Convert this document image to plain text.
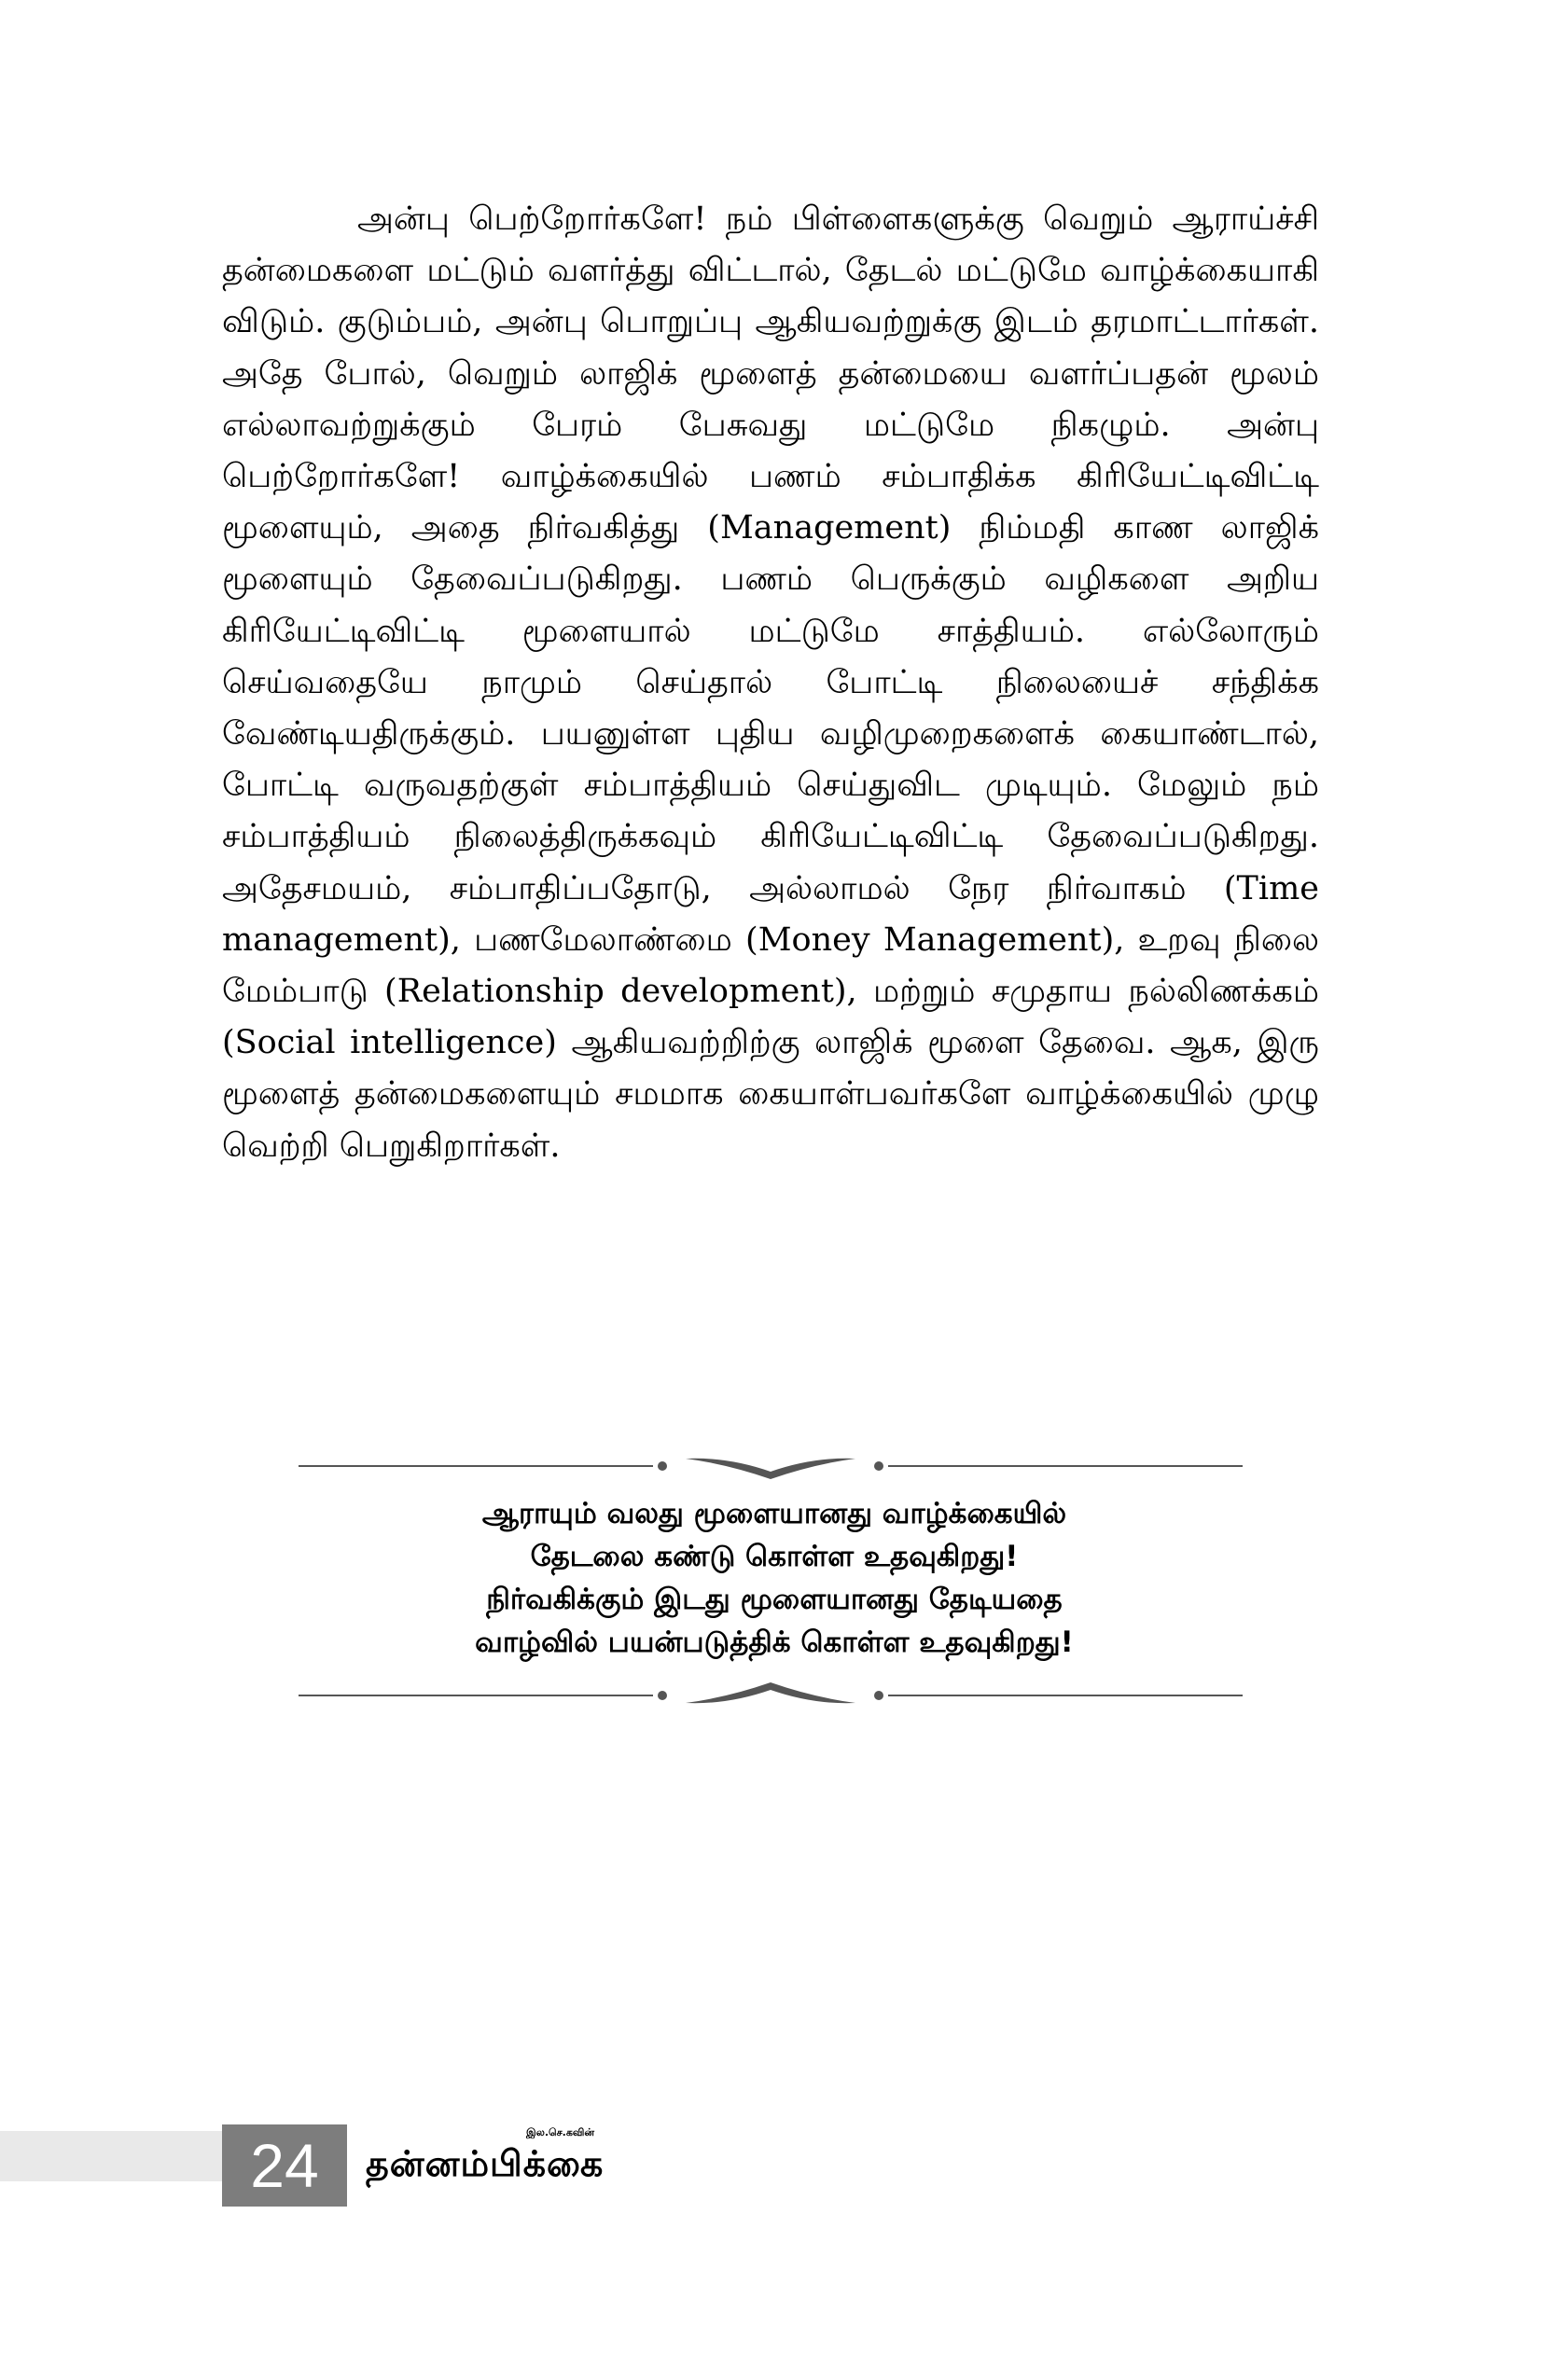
அன்பு பெற்றோர்களே! நம் பிள்ளைகளுக்கு வெறும் ஆராய்ச்சி தன்மைகளை மட்டும் வளர்த்து விட்டால், தேடல் மட்டுமே வாழ்க்கையாகி விடும். குடும்பம், அன்பு பொறுப்பு ஆகியவற்றுக்கு இடம் தரமாட்டார்கள். அதே போல், வெறும் லாஜிக் மூளைத் தன்மையை வளர்ப்பதன் மூலம் எல்லாவற்றுக்கும் பேரம் பேசுவது மட்டுமே நிகழும். அன்பு பெற்றோர்களே! வாழ்க்கையில் பணம் சம்பாதிக்க கிரியேட்டிவிட்டி மூளையும், அதை நிர்வகித்து (Management) நிம்மதி காண லாஜிக் மூளையும் தேவைப்படுகிறது. பணம் பெருக்கும் வழிகளை அறிய கிரியேட்டிவிட்டி மூளையால் மட்டுமே சாத்தியம். எல்லோரும் செய்வதையே நாமும் செய்தால் போட்டி நிலையைச் சந்திக்க வேண்டியதிருக்கும். பயனுள்ள புதிய வழிமுறைகளைக் கையாண்டால், போட்டி வருவதற்குள் சம்பாத்தியம் செய்துவிட முடியும். மேலும் நம் சம்பாத்தியம் நிலைத்திருக்கவும் கிரியேட்டிவிட்டி தேவைப்படுகிறது. அதேசமயம், சம்பாதிப்பதோடு, அல்லாமல் நேர நிர்வாகம் (Time management), பணமேலாண்மை (Money Management), உறவு நிலை மேம்பாடு (Relationship development), மற்றும் சமுதாய நல்லிணக்கம் (Social intelligence) ஆகியவற்றிற்கு லாஜிக் மூளை தேவை. ஆக, இரு மூளைத் தன்மைகளையும் சமமாக கையாள்பவர்களே வாழ்க்கையில் முழு வெற்றி பெறுகிறார்கள்.
ஆராயும் வலது மூளையானது வாழ்க்கையில்
தேடலை கண்டு கொள்ள உதவுகிறது!
நிர்வகிக்கும் இடது மூளையானது தேடியதை
வாழ்வில் பயன்படுத்திக் கொள்ள உதவுகிறது!
24	இல.செ.கவின்
தன்னம்பிக்கை
